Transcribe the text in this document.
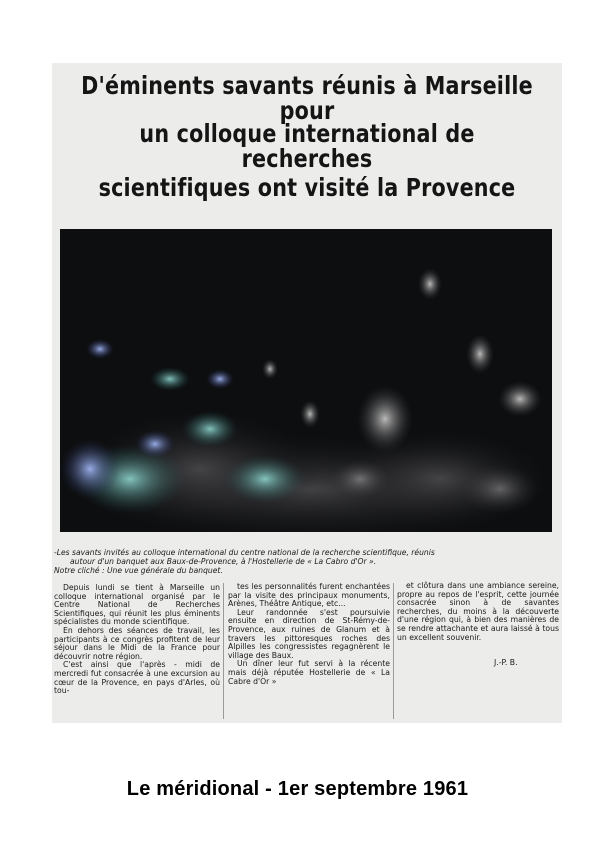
D'éminents savants réunis à Marseille pour
un colloque international de recherches
scientifiques ont visité la Provence
-Les savants invités au colloque international du centre national de la recherche scientifique, réunis
autour d'un banquet aux Baux-de-Provence, à l'Hostellerie de « La Cabro d'Or ».
Notre cliché : Une vue générale du banquet.

Depuis lundi se tient à Marseille un colloque international organisé par le Centre National de Recherches Scientifiques, qui réunit les plus éminents spécialistes du monde scientifique.

En dehors des séances de travail, les participants à ce congrès profitent de leur séjour dans le Midi de la France pour découvrir notre région.

C'est ainsi que l'après - midi de mercredi fut consacrée à une excursion au cœur de la Provence, en pays d'Arles, où tou-

tes les personnalités furent enchantées par la visite des principaux monuments, Arènes, Théâtre Antique, etc...

Leur randonnée s'est poursuivie ensuite en direction de St-Rémy-de-Provence, aux ruines de Glanum et à travers les pittoresques roches des Alpilles les congressistes regagnèrent le village des Baux.

Un dîner leur fut servi à la récente mais déjà réputée Hostellerie de « La Cabre d'Or »

et clôtura dans une ambiance sereine, propre au repos de l'esprit, cette journée consacrée sinon à de savantes recherches, du moins à la découverte d'une région qui, à bien des manières de se rendre attachante et aura laissé à tous un excellent souvenir.

J.-P. B.
Le méridional - 1er septembre 1961
